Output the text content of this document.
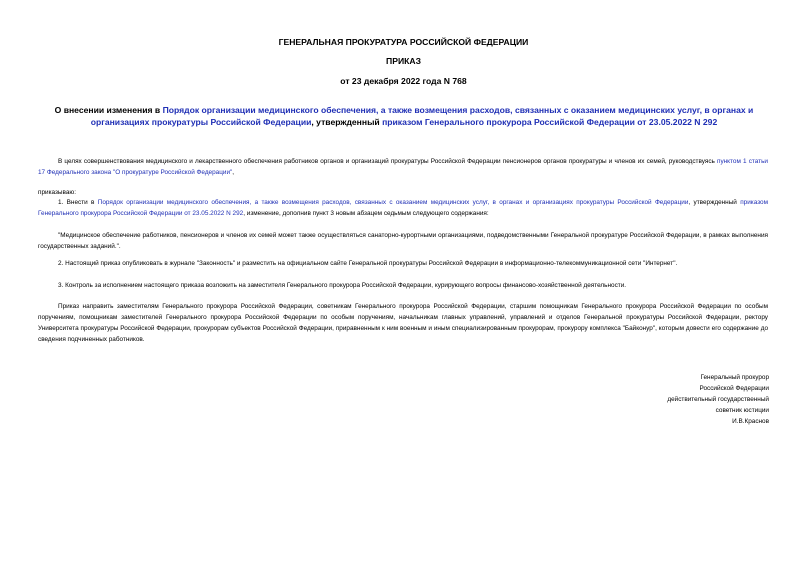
ГЕНЕРАЛЬНАЯ ПРОКУРАТУРА РОССИЙСКОЙ ФЕДЕРАЦИИ
ПРИКАЗ
от 23 декабря 2022 года N 768
О внесении изменения в Порядок организации медицинского обеспечения, а также возмещения расходов, связанных с оказанием медицинских услуг, в органах и организациях прокуратуры Российской Федерации, утвержденный приказом Генерального прокурора Российской Федерации от 23.05.2022 N 292
В целях совершенствования медицинского и лекарственного обеспечения работников органов и организаций прокуратуры Российской Федерации пенсионеров органов прокуратуры и членов их семей, руководствуясь пунктом 1 статьи 17 Федерального закона "О прокуратуре Российской Федерации",
приказываю:
1. Внести в Порядок организации медицинского обеспечения, а также возмещения расходов, связанных с оказанием медицинских услуг, в органах и организациях прокуратуры Российской Федерации, утвержденный приказом Генерального прокурора Российской Федерации от 23.05.2022 N 292, изменение, дополнив пункт 3 новым абзацем седьмым следующего содержания:
"Медицинское обеспечение работников, пенсионеров и членов их семей может также осуществляться санаторно-курортными организациями, подведомственными Генеральной прокуратуре Российской Федерации, в рамках выполнения государственных заданий.".
2. Настоящий приказ опубликовать в журнале "Законность" и разместить на официальном сайте Генеральной прокуратуры Российской Федерации в информационно-телекоммуникационной сети "Интернет".
3. Контроль за исполнением настоящего приказа возложить на заместителя Генерального прокурора Российской Федерации, курирующего вопросы финансово-хозяйственной деятельности.
Приказ направить заместителям Генерального прокурора Российской Федерации, советникам Генерального прокурора Российской Федерации, старшим помощникам Генерального прокурора Российской Федерации по особым поручениям, помощникам заместителей Генерального прокурора Российской Федерации по особым поручениям, начальникам главных управлений, управлений и отделов Генеральной прокуратуры Российской Федерации, ректору Университета прокуратуры Российской Федерации, прокурорам субъектов Российской Федерации, приравненным к ним военным и иным специализированным прокурорам, прокурору комплекса "Байконур", которым довести его содержание до сведения подчиненных работников.
Генеральный прокурор
Российской Федерации
действительный государственный
советник юстиции
И.В.Краснов
